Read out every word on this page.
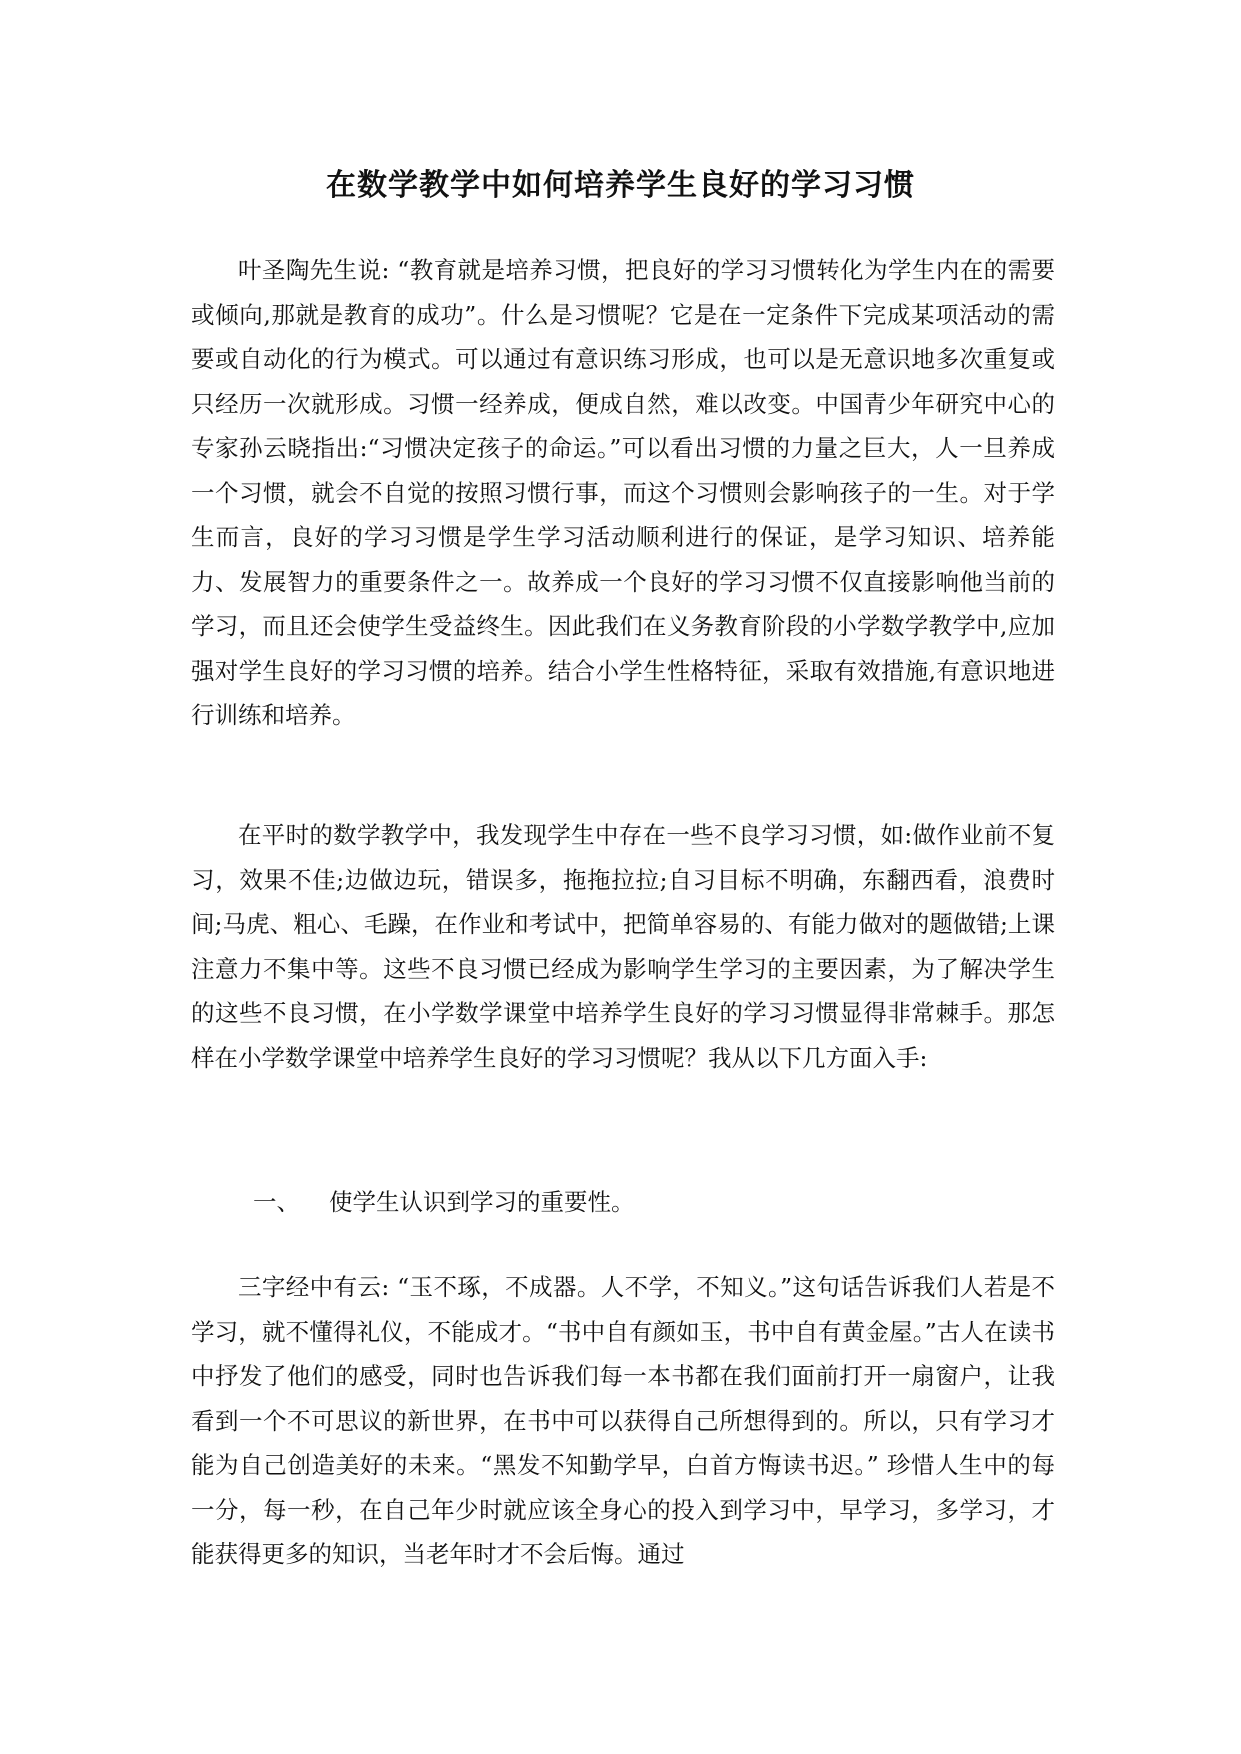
在数学教学中如何培养学生良好的学习习惯

叶圣陶先生说: “教育就是培养习惯，把良好的学习习惯转化为学生内在的需要或倾向,那就是教育的成功”。什么是习惯呢？它是在一定条件下完成某项活动的需要或自动化的行为模式。可以通过有意识练习形成，也可以是无意识地多次重复或只经历一次就形成。习惯一经养成，便成自然，难以改变。中国青少年研究中心的专家孙云晓指出:“习惯决定孩子的命运。”可以看出习惯的力量之巨大，人一旦养成一个习惯，就会不自觉的按照习惯行事，而这个习惯则会影响孩子的一生。对于学生而言，良好的学习习惯是学生学习活动顺利进行的保证，是学习知识、培养能力、发展智力的重要条件之一。故养成一个良好的学习习惯不仅直接影响他当前的学习，而且还会使学生受益终生。因此我们在义务教育阶段的小学数学教学中,应加强对学生良好的学习习惯的培养。结合小学生性格特征，采取有效措施,有意识地进行训练和培养。

在平时的数学教学中，我发现学生中存在一些不良学习习惯，如:做作业前不复习，效果不佳;边做边玩，错误多，拖拖拉拉;自习目标不明确，东翻西看，浪费时间;马虎、粗心、毛躁，在作业和考试中，把简单容易的、有能力做对的题做错;上课注意力不集中等。这些不良习惯已经成为影响学生学习的主要因素，为了解决学生的这些不良习惯，在小学数学课堂中培养学生良好的学习习惯显得非常棘手。那怎样在小学数学课堂中培养学生良好的学习习惯呢？我从以下几方面入手:

一、 使学生认识到学习的重要性。

三字经中有云: “玉不琢，不成器。人不学，不知义。”这句话告诉我们人若是不学习，就不懂得礼仪，不能成才。“书中自有颜如玉，书中自有黄金屋。”古人在读书中抒发了他们的感受，同时也告诉我们每一本书都在我们面前打开一扇窗户，让我看到一个不可思议的新世界，在书中可以获得自己所想得到的。所以，只有学习才能为自己创造美好的未来。“黑发不知勤学早，白首方悔读书迟。” 珍惜人生中的每一分，每一秒，在自己年少时就应该全身心的投入到学习中，早学习，多学习，才能获得更多的知识，当老年时才不会后悔。通过
